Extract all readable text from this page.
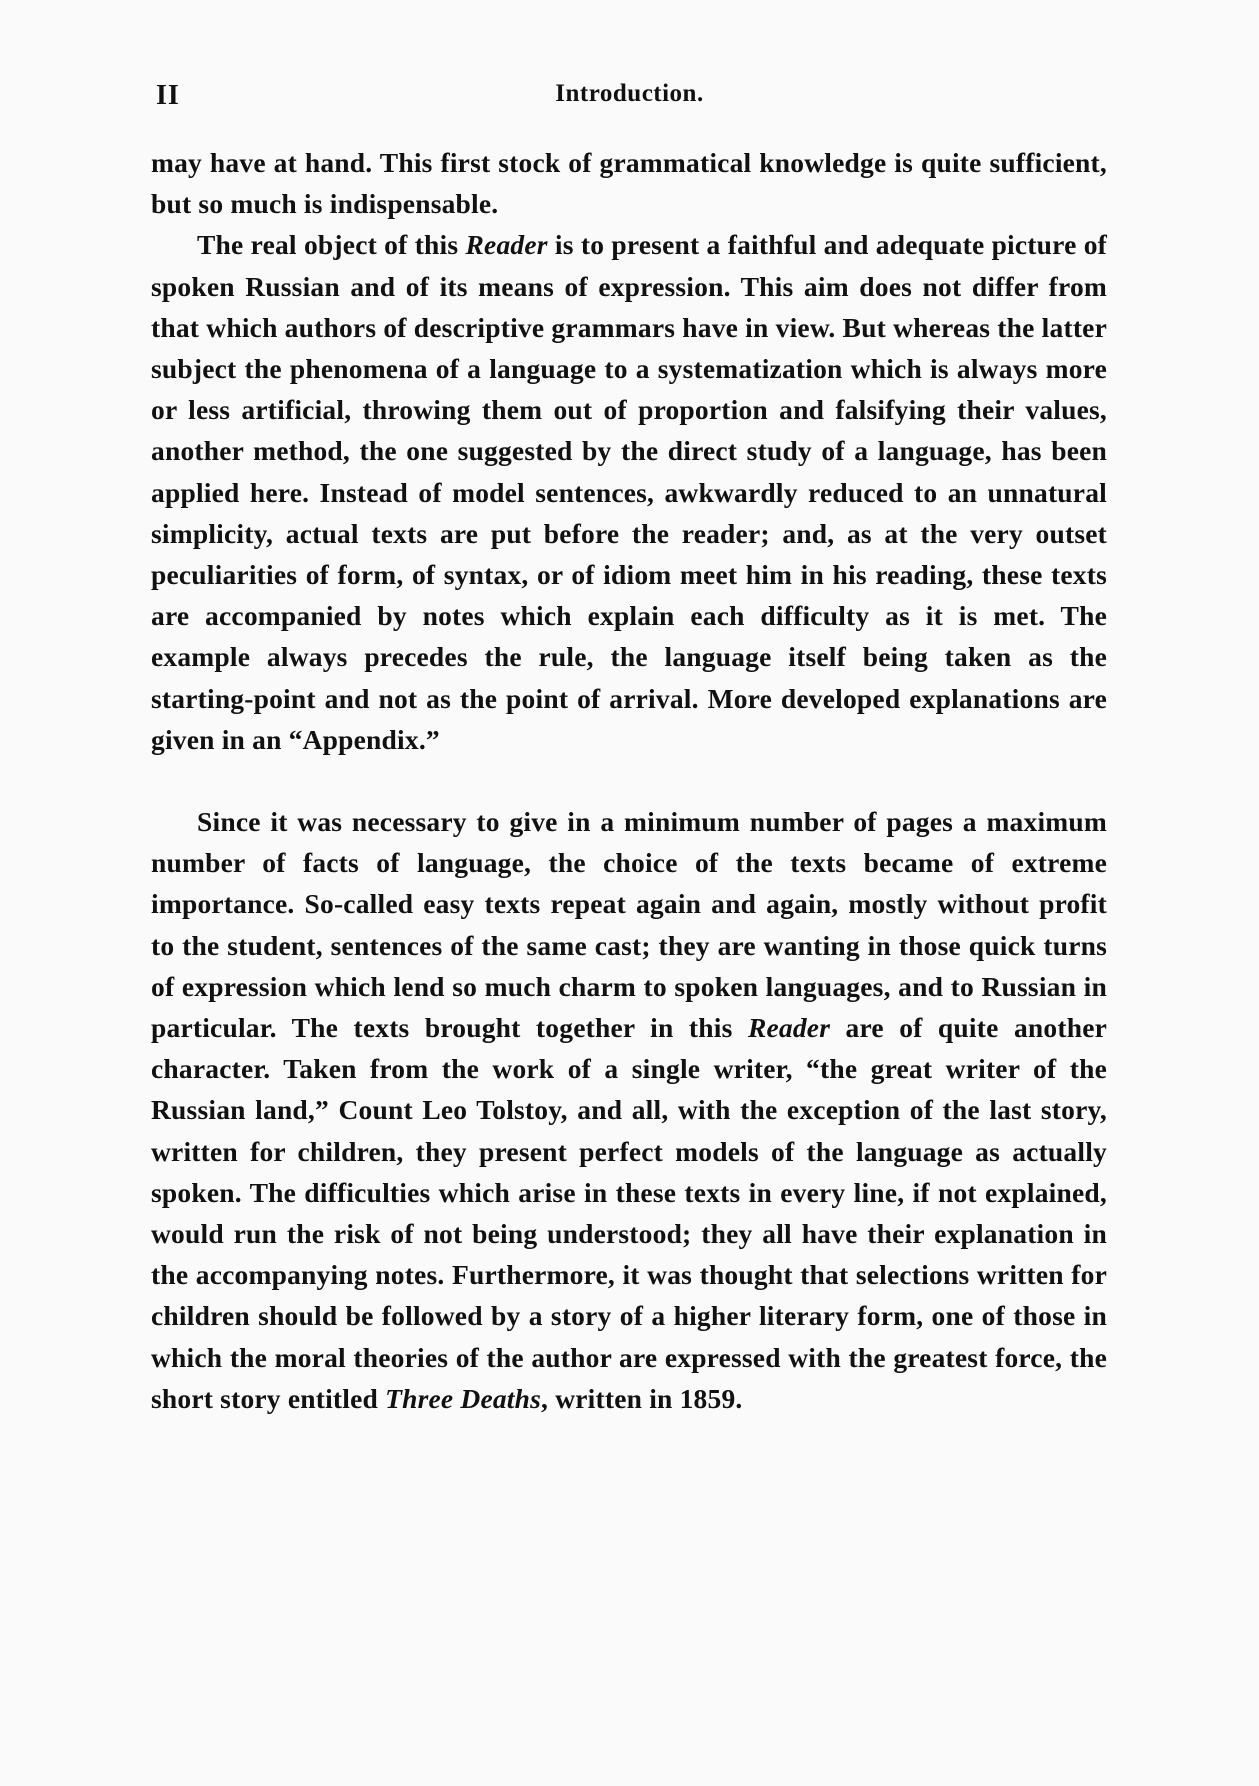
II	Introduction.

may have at hand. This first stock of grammatical knowledge is quite sufficient, but so much is indispensable.

The real object of this Reader is to present a faithful and adequate picture of spoken Russian and of its means of expression. This aim does not differ from that which authors of descriptive grammars have in view. But whereas the latter subject the phenomena of a language to a systematization which is always more or less artificial, throwing them out of proportion and falsifying their values, another method, the one suggested by the direct study of a language, has been applied here. Instead of model sentences, awkwardly reduced to an unnatural simplicity, actual texts are put before the reader; and, as at the very outset peculiarities of form, of syntax, or of idiom meet him in his reading, these texts are accompanied by notes which explain each difficulty as it is met. The example always precedes the rule, the language itself being taken as the starting-point and not as the point of arrival. More developed explanations are given in an “Appendix.”

Since it was necessary to give in a minimum number of pages a maximum number of facts of language, the choice of the texts became of extreme importance. So-called easy texts repeat again and again, mostly without profit to the student, sentences of the same cast; they are wanting in those quick turns of expression which lend so much charm to spoken languages, and to Russian in particular. The texts brought together in this Reader are of quite another character. Taken from the work of a single writer, “the great writer of the Russian land,” Count Leo Tolstoy, and all, with the exception of the last story, written for children, they present perfect models of the language as actually spoken. The difficulties which arise in these texts in every line, if not explained, would run the risk of not being understood; they all have their explanation in the accompanying notes. Furthermore, it was thought that selections written for children should be followed by a story of a higher literary form, one of those in which the moral theories of the author are expressed with the greatest force, the short story entitled Three Deaths, written in 1859.
